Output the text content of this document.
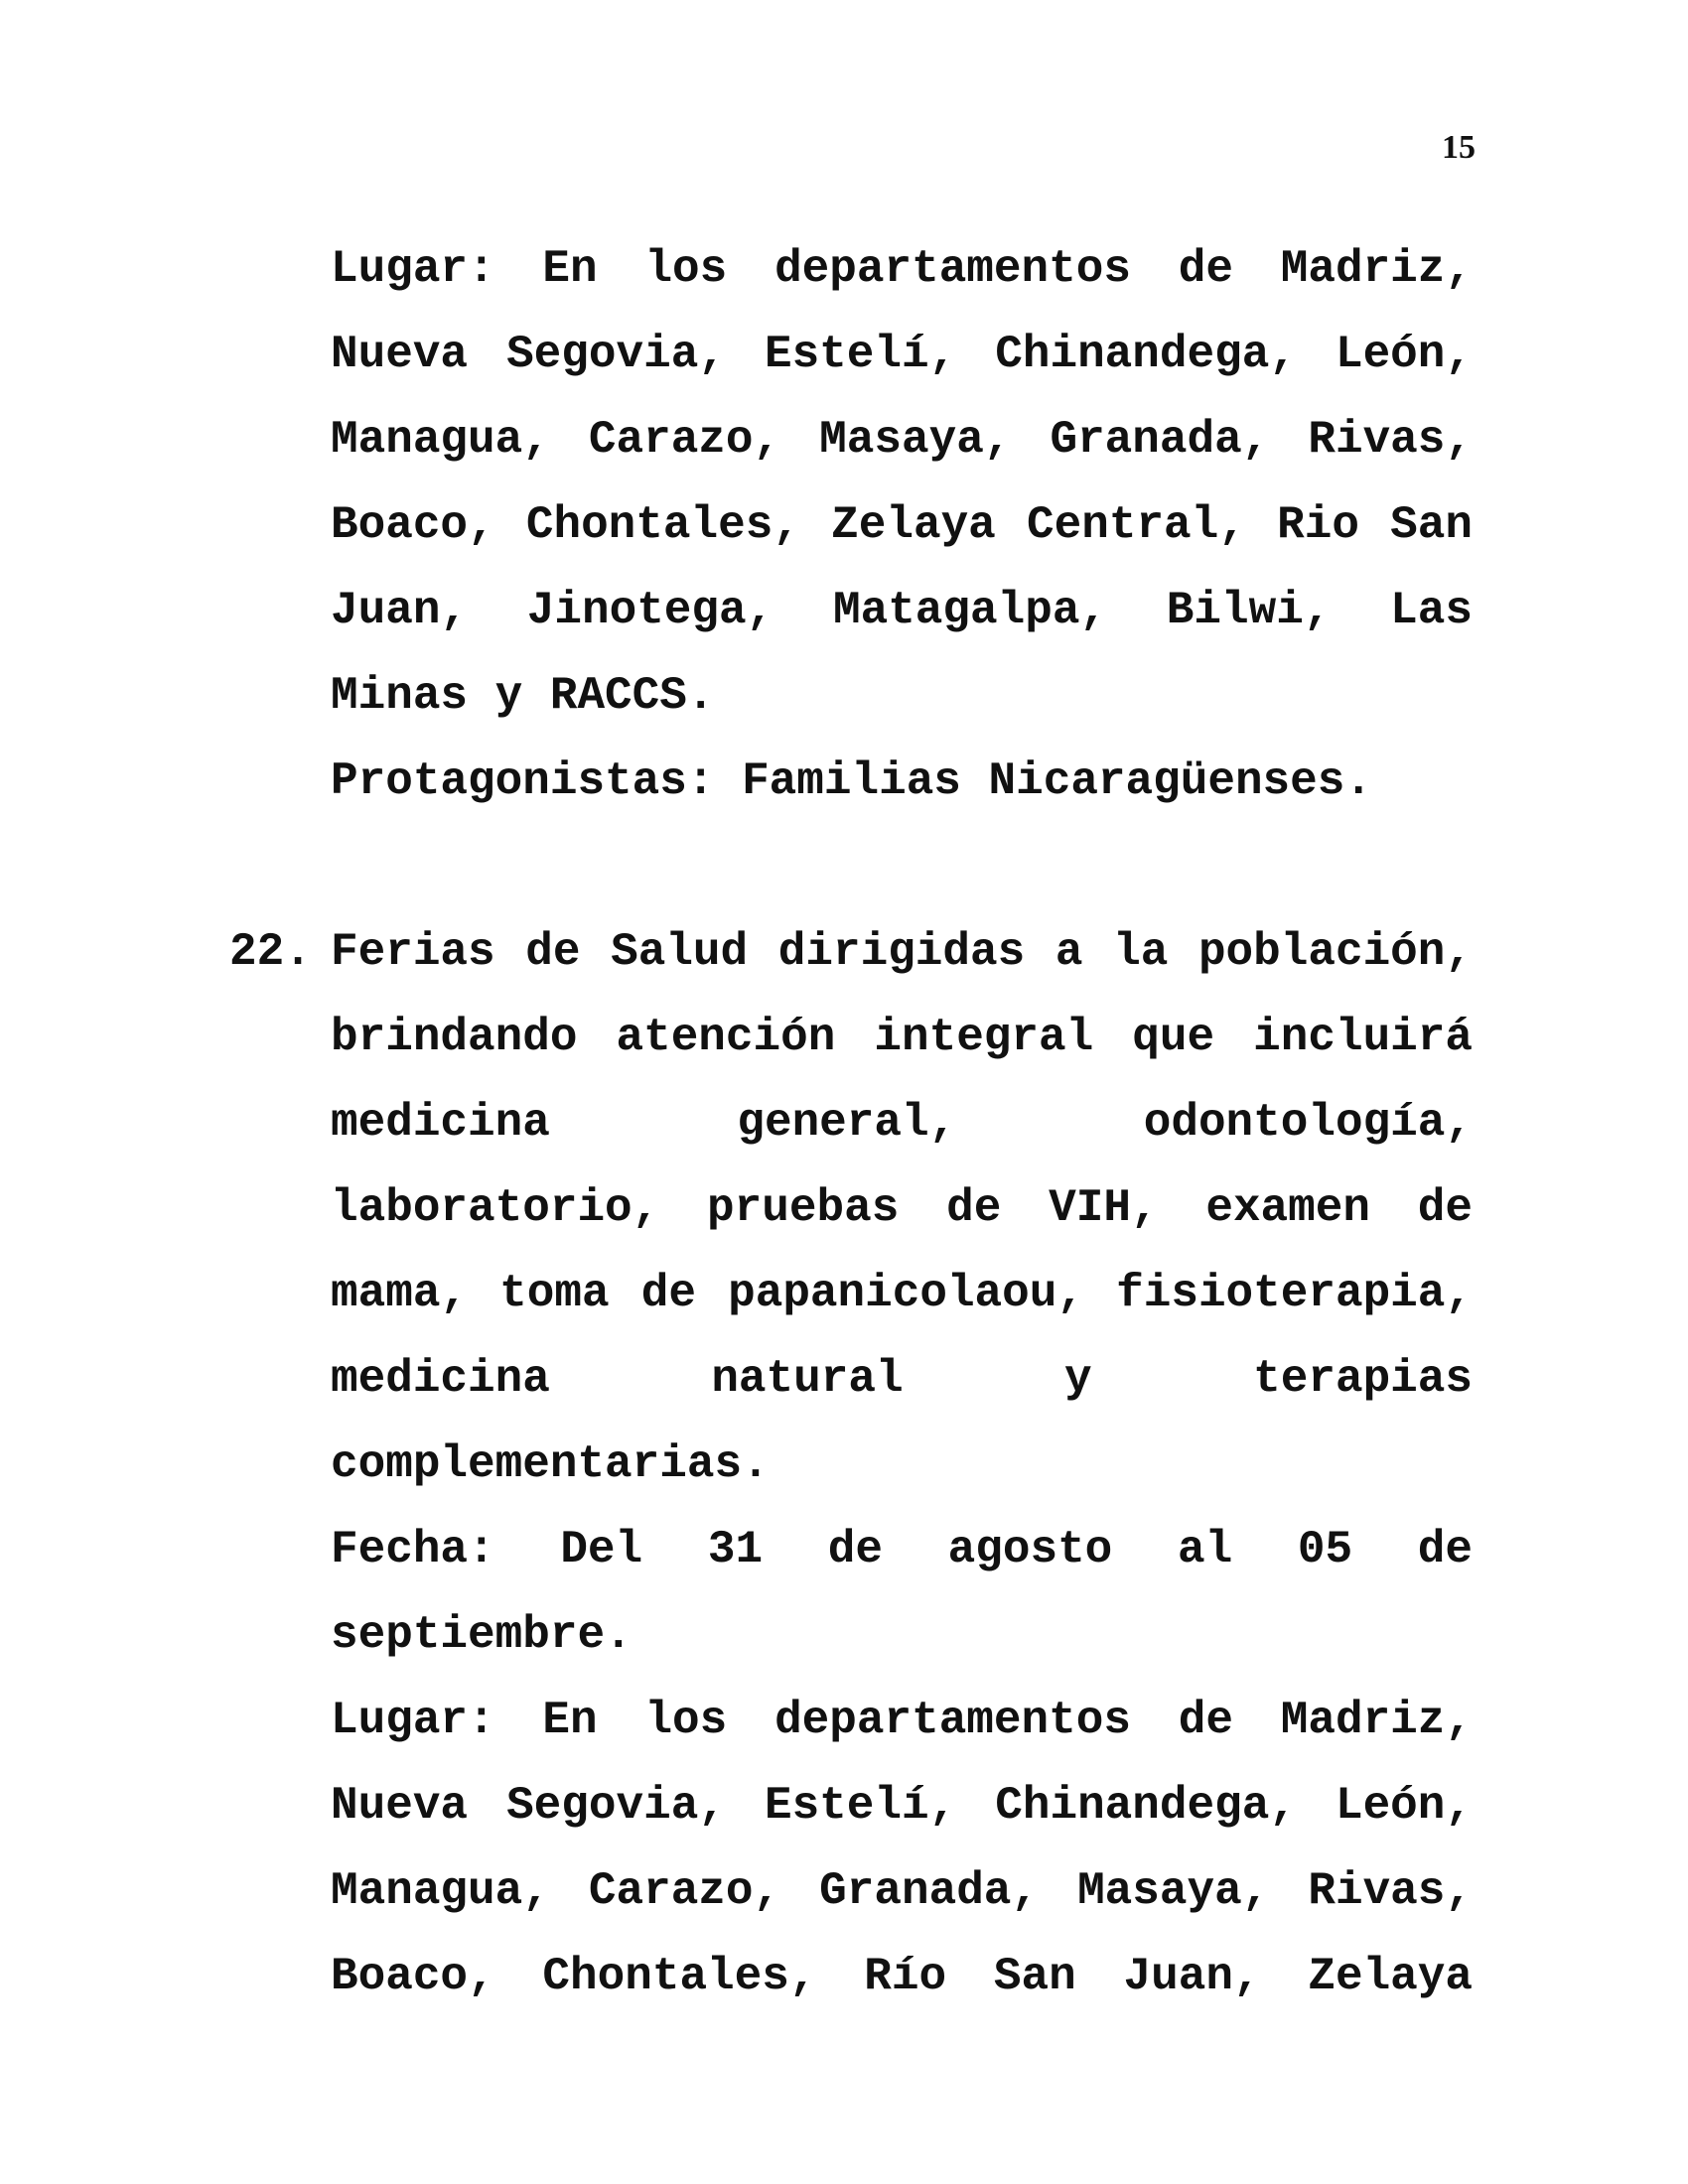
15

Lugar: En los departamentos de Madriz, Nueva Segovia, Estelí, Chinandega, León, Managua, Carazo, Masaya, Granada, Rivas, Boaco, Chontales, Zelaya Central, Rio San Juan, Jinotega, Matagalpa, Bilwi, Las Minas y RACCS.

Protagonistas: Familias Nicaragüenses.

22. Ferias de Salud dirigidas a la población, brindando atención integral que incluirá medicina general, odontología, laboratorio, pruebas de VIH, examen de mama, toma de papanicolaou, fisioterapia, medicina natural y terapias complementarias.

Fecha: Del 31 de agosto al 05 de septiembre.

Lugar: En los departamentos de Madriz, Nueva Segovia, Estelí, Chinandega, León, Managua, Carazo, Granada, Masaya, Rivas, Boaco, Chontales, Río San Juan, Zelaya
